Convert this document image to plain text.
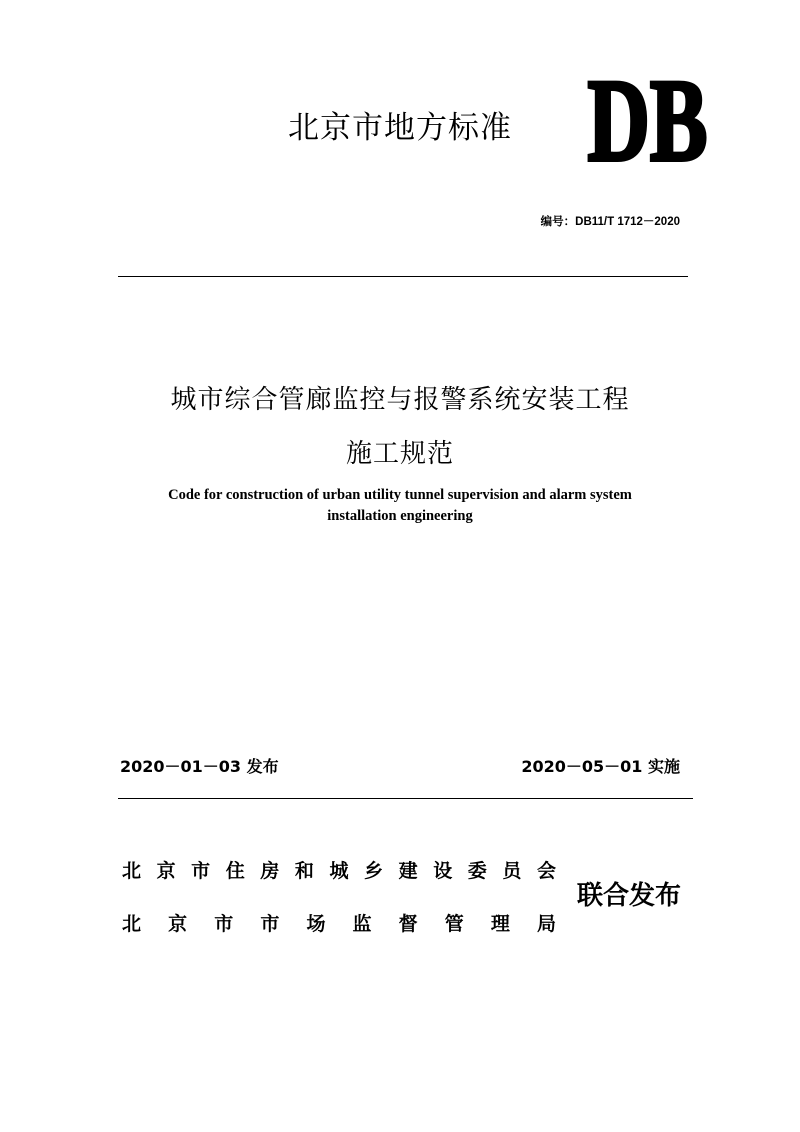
北京市地方标准 DB
编号：DB11/T 1712－2020
城市综合管廊监控与报警系统安装工程
施工规范
Code for construction of urban utility tunnel supervision and alarm system
installation engineering
2020－01－03 发布	2020－05－01 实施
北 京 市 住 房 和 城 乡 建 设 委 员 会
北 京 市 市 场 监 督 管 理 局
联合发布
